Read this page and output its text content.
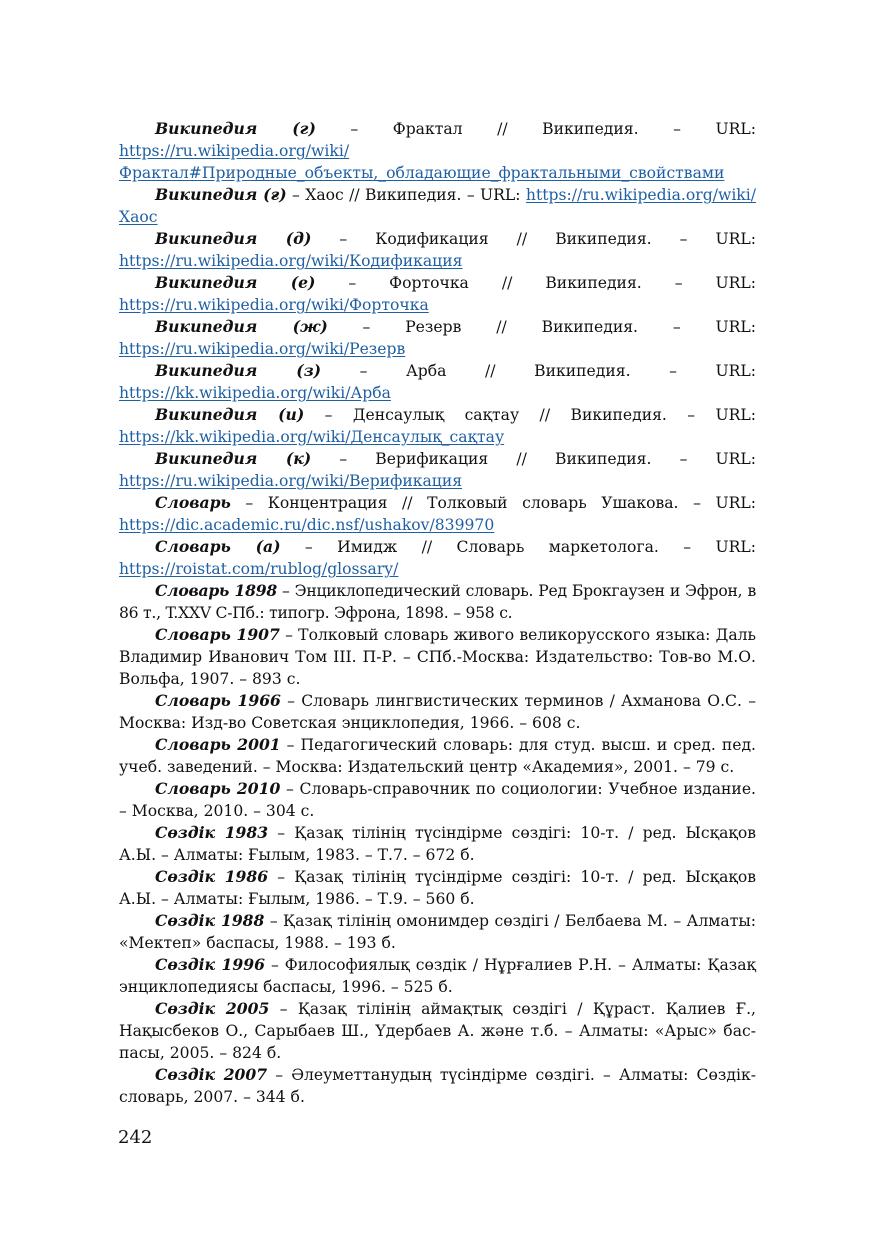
Википедия (г) – Фрактал // Википедия. – URL: https://ru.wikipedia.org/wiki/Фрактал#Природные_объекты,_обладающие_фрактальными_свойствами

Википедия (ғ) – Хаос // Википедия. – URL: https://ru.wikipedia.org/wiki/Хаос

Википедия (д) – Кодификация // Википедия. – URL: https://ru.wikipedia.org/wiki/Кодификация

Википедия (е) – Форточка // Википедия. – URL: https://ru.wikipedia.org/wiki/Форточка

Википедия (ж) – Резерв // Википедия. – URL: https://ru.wikipedia.org/wiki/Резерв

Википедия (з) – Арба // Википедия. – URL: https://kk.wikipedia.org/wiki/Арба

Википедия (и) – Денсаулық сақтау // Википедия. – URL: https://kk.wikipedia.org/wiki/Денсаулық_сақтау

Википедия (к) – Верификация // Википедия. – URL: https://ru.wikipedia.org/wiki/Верификация

Словарь – Концентрация // Толковый словарь Ушакова. – URL: https://dic.academic.ru/dic.nsf/ushakov/839970

Словарь (а) – Имидж // Словарь маркетолога. – URL: https://roistat.com/rublog/glossary/

Словарь 1898 – Энциклопедический словарь. Ред Брокгаузен и Эфрон, в 86 т., T.XXV С-Пб.: типогр. Эфрона, 1898. – 958 с.

Словарь 1907 – Толковый словарь живого великорусского языка: Даль Владимир Иванович Том III. П-Р. – СПб.-Москва: Издательство: Тов-во М.О. Вольфа, 1907. – 893 с.

Словарь 1966 – Словарь лингвистических терминов / Ахманова О.С. – Москва: Изд-во Советская энциклопедия, 1966. – 608 с.

Словарь 2001 – Педагогический словарь: для студ. высш. и сред. пед. учеб. заведений. – Москва: Издательский центр «Академия», 2001. – 79 с.

Словарь 2010 – Словарь-справочник по социологии: Учебное издание. – Москва, 2010. – 304 с.

Сөздік 1983 – Қазақ тілінің түсіндірме сөздігі: 10-т. / ред. Ысқақов А.Ы. – Алматы: Ғылым, 1983. – Т.7. – 672 б.

Сөздік 1986 – Қазақ тілінің түсіндірме сөздігі: 10-т. / ред. Ысқақов А.Ы. – Алматы: Ғылым, 1986. – Т.9. – 560 б.

Сөздік 1988 – Қазақ тілінің омонимдер сөздігі / Белбаева М. – Алматы: «Мектеп» баспасы, 1988. – 193 б.

Сөздік 1996 – Философиялық сөздік / Нұрғалиев Р.Н. – Алматы: Қазақ энциклопедиясы баспасы, 1996. – 525 б.

Сөздік 2005 – Қазақ тілінің аймақтық сөздігі / Құраст. Қалиев Ғ., Нақысбеков О., Сарыбаев Ш., Үдербаев А. және т.б. – Алматы: «Арыс» бас-пасы, 2005. – 824 б.

Сөздік 2007 – Әлеуметтанудың түсіндірме сөздігі. – Алматы: Сөздік-словарь, 2007. – 344 б.

242
